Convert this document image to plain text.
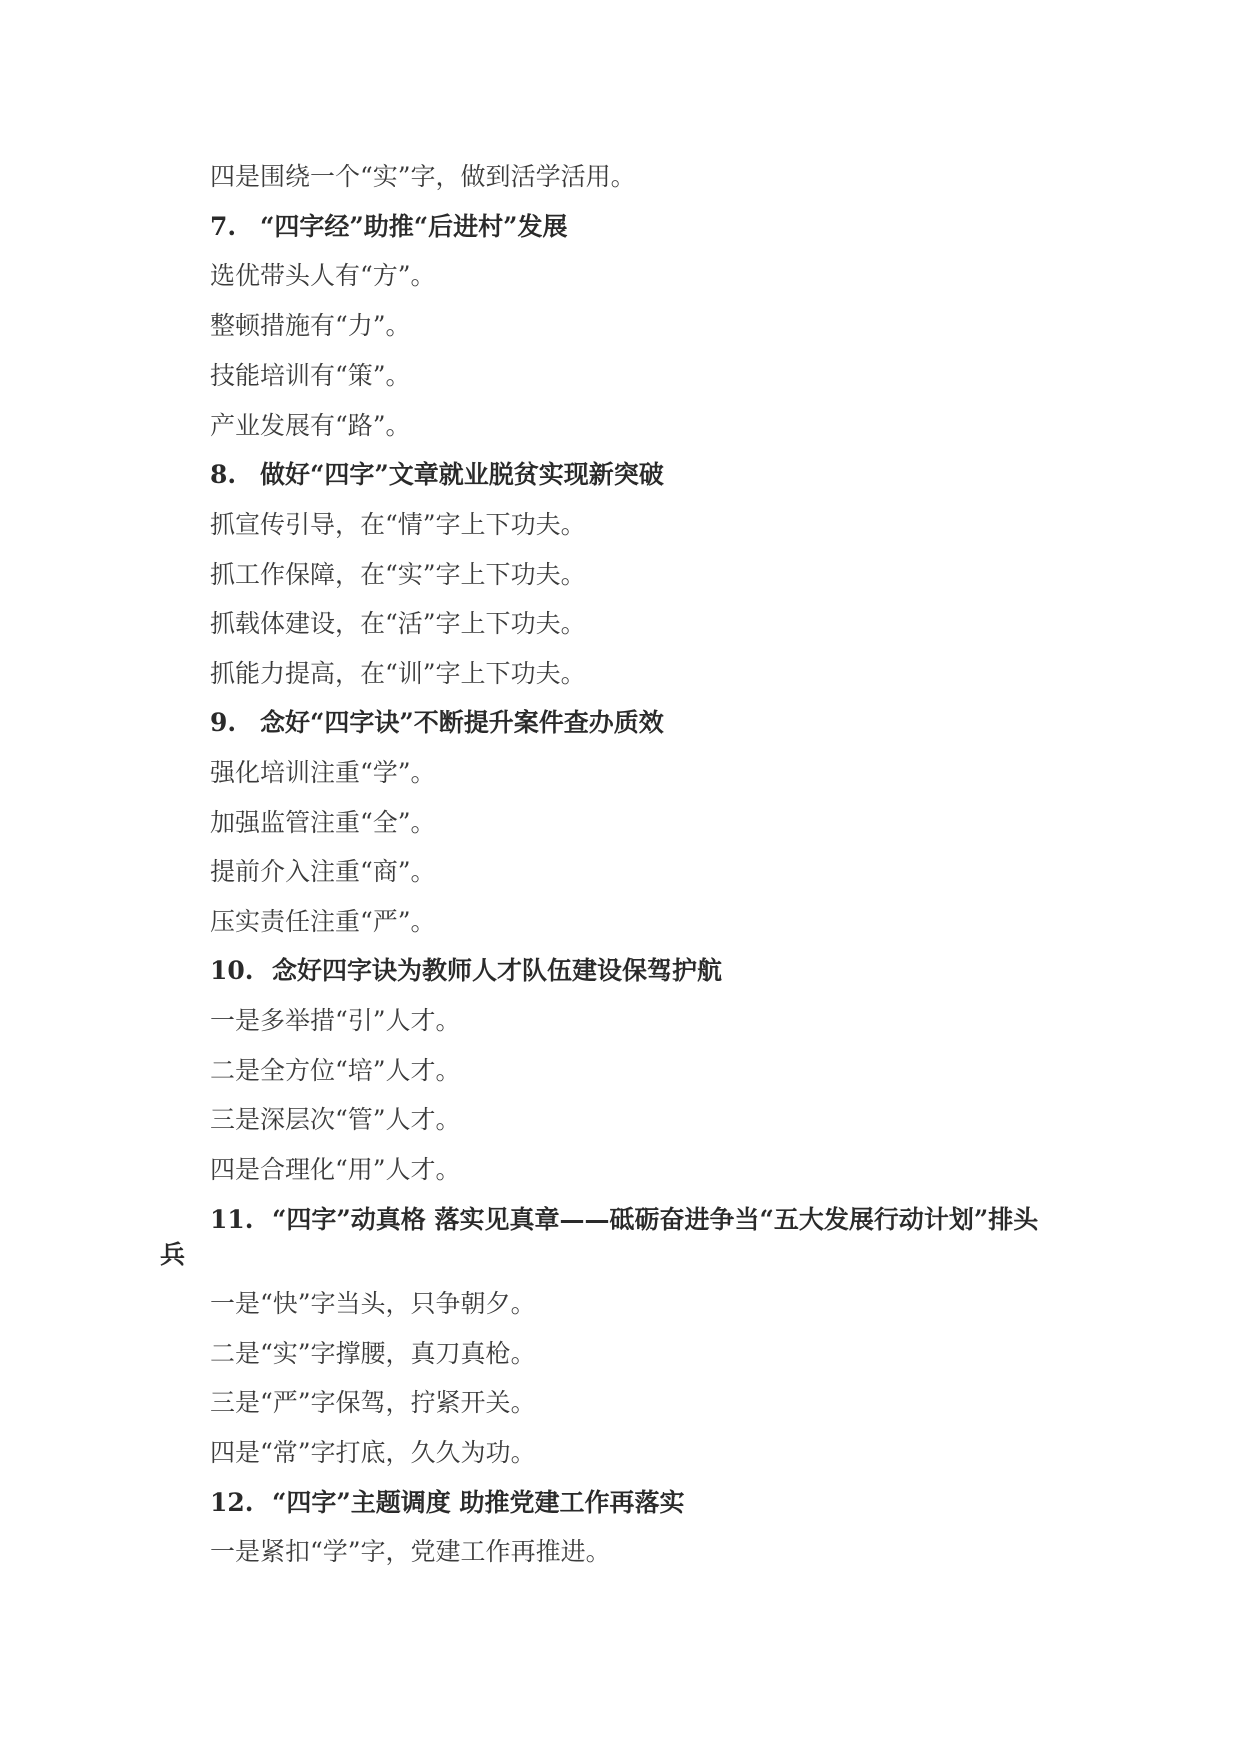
四是围绕一个“实”字，做到活学活用。
7. “四字经”助推“后进村”发展
选优带头人有“方”。
整顿措施有“力”。
技能培训有“策”。
产业发展有“路”。
8. 做好“四字”文章就业脱贫实现新突破
抓宣传引导，在“情”字上下功夫。
抓工作保障，在“实”字上下功夫。
抓载体建设，在“活”字上下功夫。
抓能力提高，在“训”字上下功夫。
9. 念好“四字诀”不断提升案件查办质效
强化培训注重“学”。
加强监管注重“全”。
提前介入注重“商”。
压实责任注重“严”。
10. 念好四字诀为教师人才队伍建设保驾护航
一是多举措“引”人才。
二是全方位“培”人才。
三是深层次“管”人才。
四是合理化“用”人才。
11. “四字”动真格 落实见真章——砥砺奋进争当“五大发展行动计划”排头
兵
一是“快”字当头，只争朝夕。
二是“实”字撑腰，真刀真枪。
三是“严”字保驾，拧紧开关。
四是“常”字打底，久久为功。
12. “四字”主题调度 助推党建工作再落实
一是紧扣“学”字，党建工作再推进。
